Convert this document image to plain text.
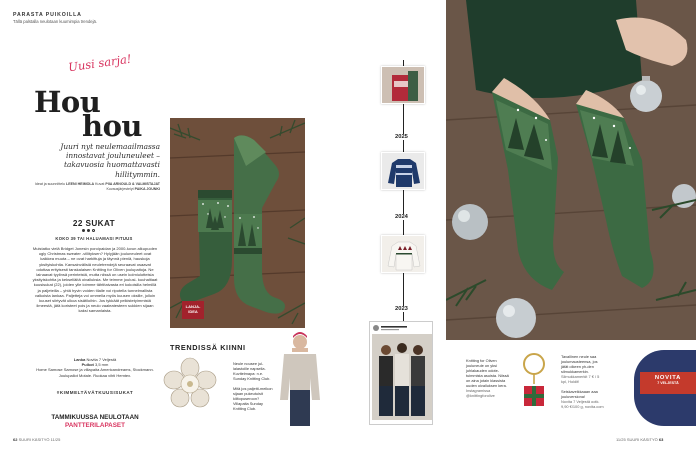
PARASTA PUIKOILLA
Tällä palstalla neulotaan kuumimpia trendejä.
Uusi sarja!
Hou
hou
Juuri nyt neulemaailmassa innostavat jouluneuleet – takavuosia huomattavasti hillitymmin.
Ideat ja suunnittelu LEENI HEIMOLA Kuvat PIIA ARNOULD & VALMISTAJAT
Kuvausjärjestelyt PAIKA JOUNKI
22 SUKAT
KOKO 39 TAI HALUAMASI PITUUS
Muistatko vielä Bridget Jonesin poroipaidan ja 2000-luvun alkupuolen ugly Christmas sweater -villityksen? Hylyjään jouluneuleet ovat kaikkea muuta – ne ovat harkittuja ja täynnä pieniä, hauskoja yksityiskohtia. Kansainvälisiä neuletrendejä seuraavat osaavat odottaa erityisesti tanskalaisen Knitting for Oliven joulupaitoja. Ne lainaavat tyylinsä perinteistä, mutta niissä on usein kolmiulotteisia yksityiskohtia ja kekseliäitä oivalluksia. Me teimme joulusi- kuuhaltiaat kuusisukat (22), joiden ylle loimme tähtitaivasta eri kokoisilla helmillä ja paljeteilla – yhtä hyvin voiden tilalle voi ripotella tunnelmallista valkoista lankaa. Paljetteja voi ommella myös kuusen oksille, jolloin kuuset siirtyvät ulkoa sisätiloihin. Jos tykkäät pelkistetyimmistä ilmeestä, jätä koristeet pois ja neulo vaaleatesteen sukkien sijaan kaksi samanlaista.
Lanka Novita 7 Veljestä
Puikot 3,5 mm
Home Samose Samose ja villapaita Americandreams, Stockmann. Joulupallot Motale. Ruokaa vihti Hemtex.
#KIMMELTÄVÄTKUUSISUKAT
TAMMIKUUSSA NEULOTAAN
PANTTERILAPASET
LANJA-
IDEA
2025
2024
2023
TRENDISSÄ KIINNI
Neule nousee jul-lalastoille napsella.
Kuvitelmapa: n.e. Sunday Knitting Club.

Mitä jos paljetti-meikon sijaan pukeutuisit kiiltopuseroon?
Villapaita Sunday Knitting Club.
Knitting for Oliven jouluneule on yksi juhlakauden odote-tuimmista asuista. Niissä on aina jotain klassista uuden oivalluksen kera.
Instagramissa @knittingforolive
Tavallinen neule saa joulumausteensa, jos jätät olkeen yh-den silmukkamerkin.
Silmukkamerkit 7 € / 5 kpl, Holdit!

Seiskaveikkaaan aaa jouluversiona!
Novita 7 Veljestä ootk. 9,90 €/100 g, novita.com
NOVITA
7 VELJESTÄ
62 SUURI KÄSITYÖ 11/25	11/25 SUURI KÄSITYÖ 63
